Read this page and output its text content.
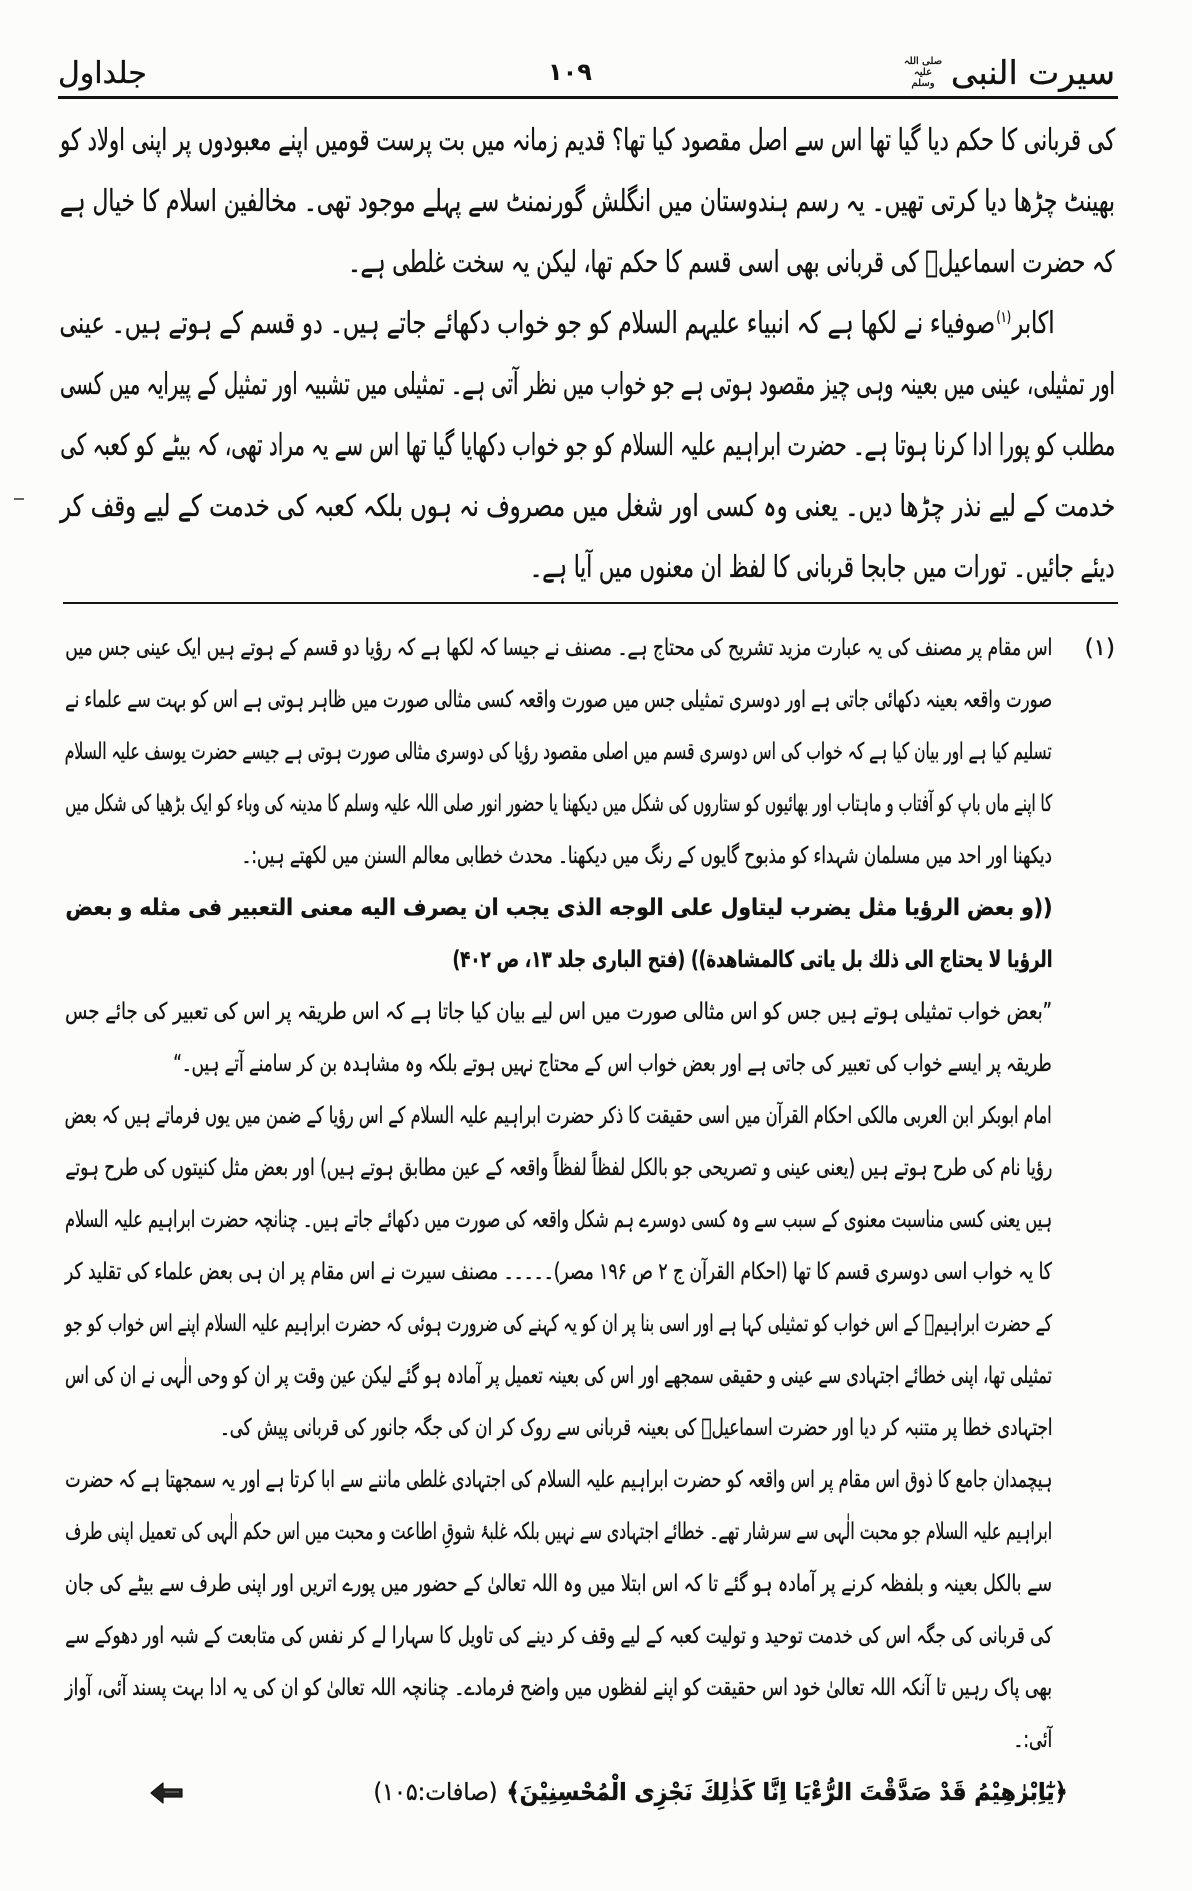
سیرت النبیصلی اللہ علیہ وسلم
۱۰۹
جلداول
کی قربانی کا حکم دیا گیا تھا اس سے اصل مقصود کیا تھا؟ قدیم زمانہ میں بت پرست قومیں اپنے معبودوں پر اپنی اولاد کو
بھینٹ چڑھا دیا کرتی تھیں۔ یہ رسم ہندوستان میں انگلش گورنمنٹ سے پہلے موجود تھی۔ مخالفین اسلام کا خیال ہے
کہ حضرت اسماعیلؑ کی قربانی بھی اسی قسم کا حکم تھا، لیکن یہ سخت غلطی ہے۔
اکابر$^{(۱)}$صوفیاء نے لکھا ہے کہ انبیاء علیہم السلام کو جو خواب دکھائے جاتے ہیں۔ دو قسم کے ہوتے ہیں۔ عینی
اور تمثیلی، عینی میں بعینہ وہی چیز مقصود ہوتی ہے جو خواب میں نظر آتی ہے۔ تمثیلی میں تشبیہ اور تمثیل کے پیرایہ میں کسی
مطلب کو پورا ادا کرنا ہوتا ہے۔ حضرت ابراہیم علیہ السلام کو جو خواب دکھایا گیا تھا اس سے یہ مراد تھی، کہ بیٹے کو کعبہ کی
خدمت کے لیے نذر چڑھا دیں۔ یعنی وہ کسی اور شغل میں مصروف نہ ہوں بلکہ کعبہ کی خدمت کے لیے وقف کر
دیئے جائیں۔ تورات میں جابجا قربانی کا لفظ ان معنوں میں آیا ہے۔
(۱)
اس مقام پر مصنف کی یہ عبارت مزید تشریح کی محتاج ہے۔ مصنف نے جیسا کہ لکھا ہے کہ رؤیا دو قسم کے ہوتے ہیں ایک عینی جس میں
صورت واقعہ بعینہ دکھائی جاتی ہے اور دوسری تمثیلی جس میں صورت واقعہ کسی مثالی صورت میں ظاہر ہوتی ہے اس کو بہت سے علماء نے
تسلیم کیا ہے اور بیان کیا ہے کہ خواب کی اس دوسری قسم میں اصلی مقصود رؤیا کی دوسری مثالی صورت ہوتی ہے جیسے حضرت یوسف علیہ السلام
کا اپنے ماں باپ کو آفتاب و ماہتاب اور بھائیوں کو ستاروں کی شکل میں دیکھنا یا حضور انور صلی اللہ علیہ وسلم کا مدینہ کی وباء کو ایک بڑھیا کی شکل میں
دیکھنا اور احد میں مسلمان شہداء کو مذبوح گایوں کے رنگ میں دیکھنا۔ محدث خطابی معالم السنن میں لکھتے ہیں:۔
((و بعض الرؤيا مثل يضرب ليتاول على الوجه الذى يجب ان يصرف اليه معنى التعبير فى مثله و بعض
الرؤيا لا يحتاج الى ذلك بل ياتى كالمشاهدة)) (فتح الباری جلد ۱۳، ص ۴۰۲)
”بعض خواب تمثیلی ہوتے ہیں جس کو اس مثالی صورت میں اس لیے بیان کیا جاتا ہے کہ اس طریقہ پر اس کی تعبیر کی جائے جس
طریقہ پر ایسے خواب کی تعبیر کی جاتی ہے اور بعض خواب اس کے محتاج نہیں ہوتے بلکہ وہ مشاہدہ بن کر سامنے آتے ہیں۔“
امام ابوبکر ابن العربی مالکی احکام القرآن میں اسی حقیقت کا ذکر حضرت ابراہیم علیہ السلام کے اس رؤیا کے ضمن میں یوں فرماتے ہیں کہ بعض
رؤیا نام کی طرح ہوتے ہیں (یعنی عینی و تصریحی جو بالکل لفظاً لفظاً واقعہ کے عین مطابق ہوتے ہیں) اور بعض مثل کنیتوں کی طرح ہوتے
ہیں یعنی کسی مناسبت معنوی کے سبب سے وہ کسی دوسرے ہم شکل واقعہ کی صورت میں دکھائے جاتے ہیں۔ چنانچہ حضرت ابراہیم علیہ السلام
کا یہ خواب اسی دوسری قسم کا تھا (احکام القرآن ج ۲ ص ۱۹۶ مصر)۔۔۔۔۔ مصنف سیرت نے اس مقام پر ان ہی بعض علماء کی تقلید کر
کے حضرت ابراہیمؑ کے اس خواب کو تمثیلی کہا ہے اور اسی بنا پر ان کو یہ کہنے کی ضرورت ہوئی کہ حضرت ابراہیم علیہ السلام اپنے اس خواب کو جو
تمثیلی تھا، اپنی خطائے اجتہادی سے عینی و حقیقی سمجھے اور اس کی بعینہ تعمیل پر آمادہ ہو گئے لیکن عین وقت پر ان کو وحی الٰہی نے ان کی اس
اجتہادی خطا پر متنبہ کر دیا اور حضرت اسماعیلؑ کی بعینہ قربانی سے روک کر ان کی جگہ جانور کی قربانی پیش کی۔
ہیچمدان جامع کا ذوق اس مقام پر اس واقعہ کو حضرت ابراہیم علیہ السلام کی اجتہادی غلطی ماننے سے ابا کرتا ہے اور یہ سمجھتا ہے کہ حضرت
ابراہیم علیہ السلام جو محبت الٰہی سے سرشار تھے۔ خطائے اجتہادی سے نہیں بلکہ غلبۂ شوقِ اطاعت و محبت میں اس حکم الٰہی کی تعمیل اپنی طرف
سے بالکل بعینہ و بلفظہ کرنے پر آمادہ ہو گئے تا کہ اس ابتلا میں وہ اللہ تعالیٰ کے حضور میں پورے اتریں اور اپنی طرف سے بیٹے کی جان
کی قربانی کی جگہ اس کی خدمت توحید و تولیت کعبہ کے لیے وقف کر دینے کی تاویل کا سہارا لے کر نفس کی متابعت کے شبہ اور دھوکے سے
بھی پاک رہیں تا آنکہ اللہ تعالیٰ خود اس حقیقت کو اپنے لفظوں میں واضح فرمادے۔ چنانچہ اللہ تعالیٰ کو ان کی یہ ادا بہت پسند آئی، آواز
آئی:۔
﴿يٰٓاِبْرٰهِيْمُ قَدْ صَدَّقْتَ الرُّءْيَا اِنَّا كَذٰلِكَ نَجْزِى الْمُحْسِنِيْنَ﴾(صافات:۱۰۵)
